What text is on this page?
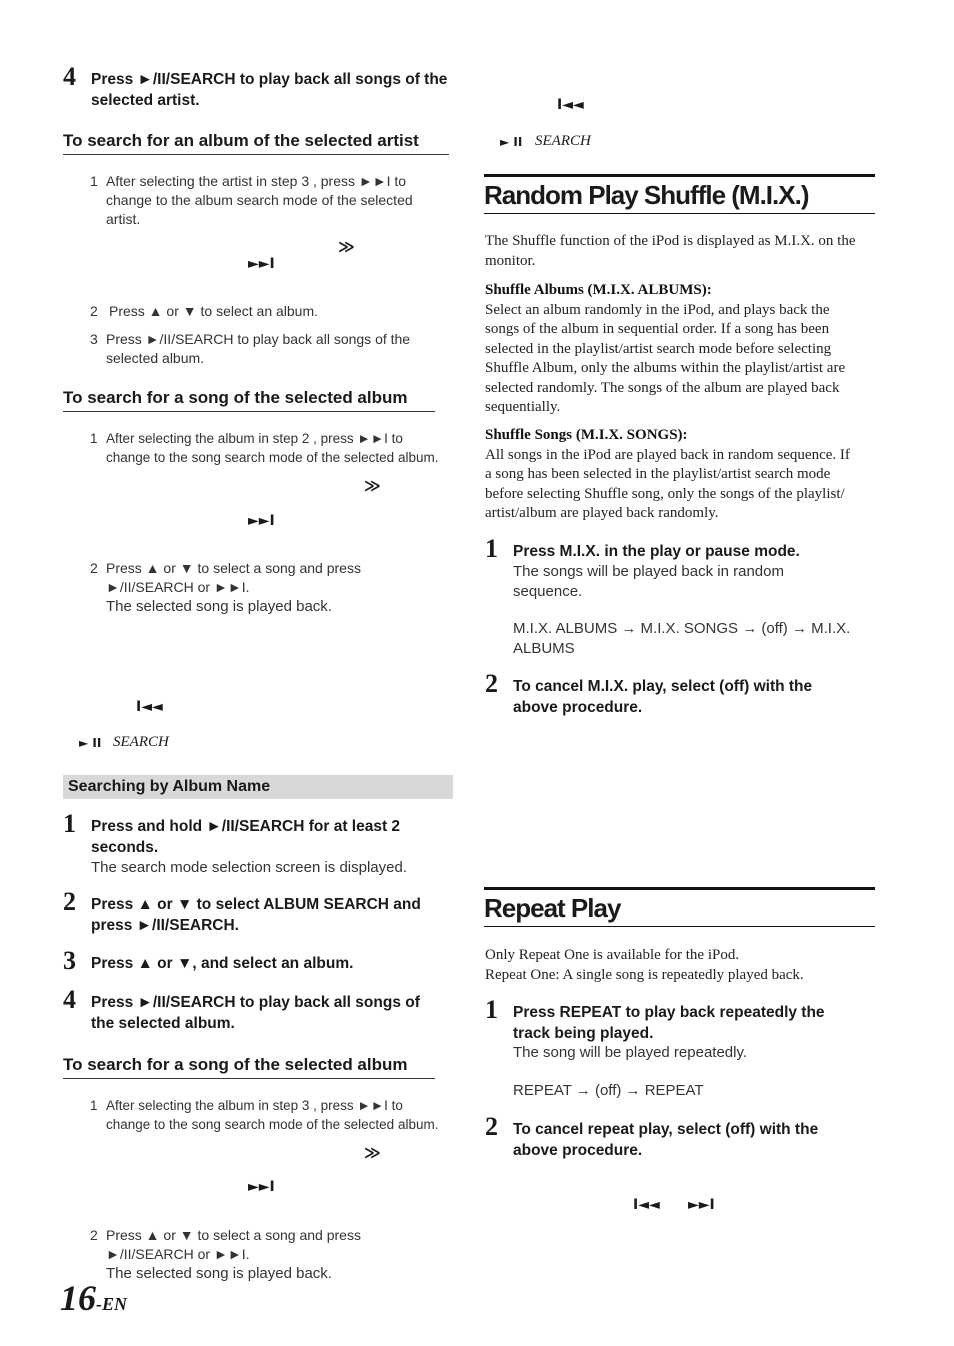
4 Press ►/II/SEARCH to play back all songs of the selected artist.
To search for an album of the selected artist
1 After selecting the artist in step 3 , press ►►I to
change to the album search mode of the selected
artist.
≫
►►I
2 Press ▲ or ▼ to select an album.
3 Press ►/II/SEARCH to play back all songs of the
selected album.
To search for a song of the selected album
1 After selecting the album in step 2 , press ►►I to
change to the song search mode of the selected album.
≫
►►I
2 Press ▲ or ▼ to select a song and press
►/II/SEARCH or ►►I.
The selected song is played back.
I◄◄
► II SEARCH
Searching by Album Name
1 Press and hold ►/II/SEARCH for at least 2
seconds.
The search mode selection screen is displayed.
2 Press ▲ or ▼ to select ALBUM SEARCH and
press ►/II/SEARCH.
3 Press ▲ or ▼, and select an album.
4 Press ►/II/SEARCH to play back all songs of
the selected album.
To search for a song of the selected album
1 After selecting the album in step 3 , press ►►I to
change to the song search mode of the selected album.
≫
►►I
2 Press ▲ or ▼ to select a song and press
►/II/SEARCH or ►►I.
The selected song is played back.
16-EN
I◄◄
► II SEARCH
Random Play Shuffle (M.I.X.)
The Shuffle function of the iPod is displayed as M.I.X. on the
monitor.
Shuffle Albums (M.I.X. ALBUMS):
Select an album randomly in the iPod, and plays back the
songs of the album in sequential order. If a song has been
selected in the playlist/artist search mode before selecting
Shuffle Album, only the albums within the playlist/artist are
selected randomly. The songs of the album are played back
sequentially.
Shuffle Songs (M.I.X. SONGS):
All songs in the iPod are played back in random sequence. If
a song has been selected in the playlist/artist search mode
before selecting Shuffle song, only the songs of the playlist/
artist/album are played back randomly.
1 Press M.I.X. in the play or pause mode.
The songs will be played back in random
sequence.
M.I.X. ALBUMS → M.I.X. SONGS → (off) → M.I.X.
ALBUMS
2 To cancel M.I.X. play, select (off) with the
above procedure.
Repeat Play
Only Repeat One is available for the iPod.
Repeat One: A single song is repeatedly played back.
1 Press REPEAT to play back repeatedly the
track being played.
The song will be played repeatedly.
REPEAT → (off) → REPEAT
2 To cancel repeat play, select (off) with the
above procedure.
I◄◄ ►►I
